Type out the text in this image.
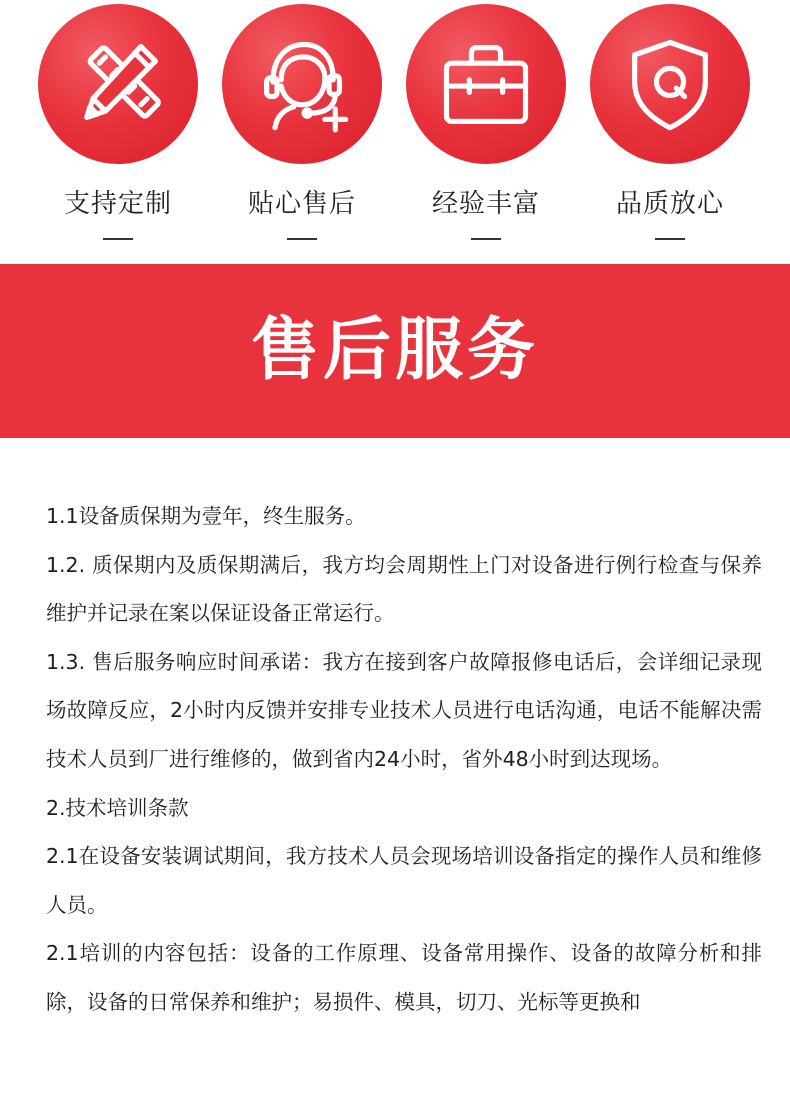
支持定制	贴心售后	经验丰富	品质放心
售后服务

1.1设备质保期为壹年，终生服务。

1.2. 质保期内及质保期满后，我方均会周期性上门对设备进行例行检查与保养维护并记录在案以保证设备正常运行。

1.3. 售后服务响应时间承诺：我方在接到客户故障报修电话后，会详细记录现场故障反应，2小时内反馈并安排专业技术人员进行电话沟通，电话不能解决需技术人员到厂进行维修的，做到省内24小时，省外48小时到达现场。

2.技术培训条款

2.1在设备安装调试期间，我方技术人员会现场培训设备指定的操作人员和维修人员。

2.1培训的内容包括：设备的工作原理、设备常用操作、设备的故障分析和排除，设备的日常保养和维护；易损件、模具，切刀、光标等更换和
